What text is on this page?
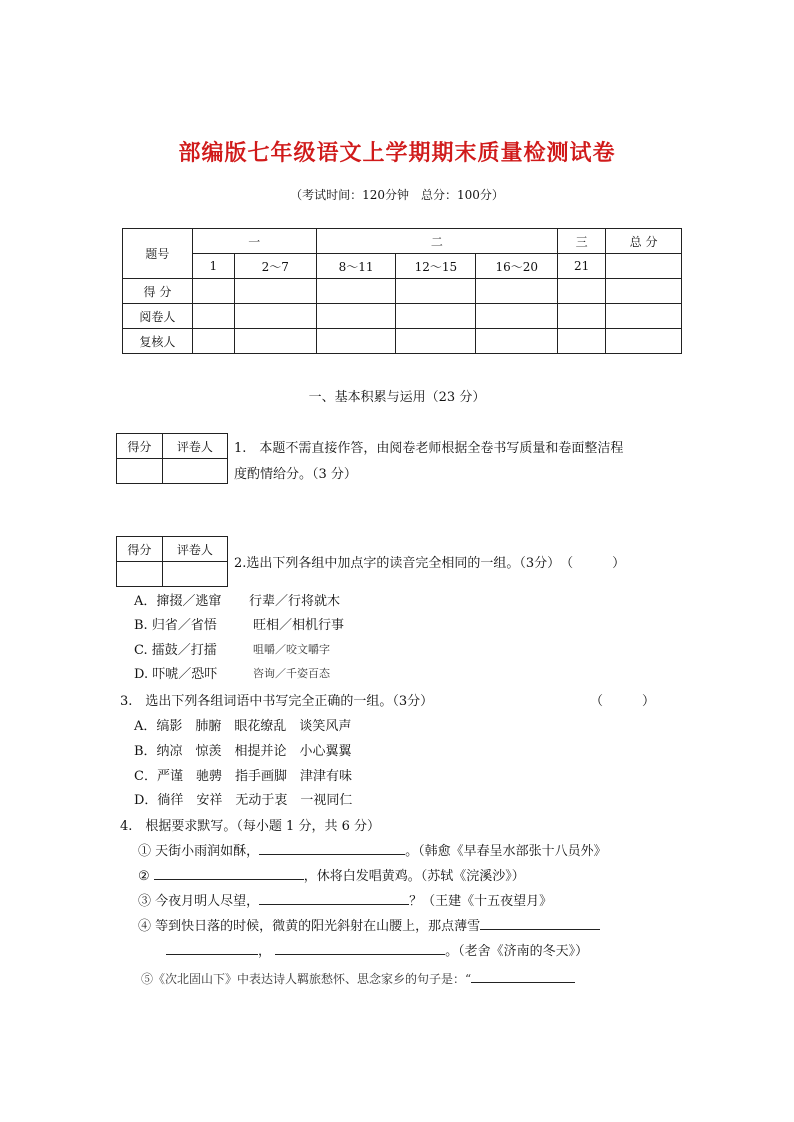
部编版七年级语文上学期期末质量检测试卷
（考试时间：120分钟　总分：100分）
题号	一		二			三	总 分
	1	2～7	8～11	12～15	16～20	21	
得 分							
阅卷人							
复核人							
一、基本积累与运用（23 分）
得分	评卷人
	1.　本题不需直接作答，由阅卷老师根据全卷书写质量和卷面整洁程
度酌情给分。（3 分）
得分	评卷人

2.选出下列各组中加点字的读音完全相同的一组。（3分）　（　　　）
A．撺掇／逃窜 行辈／行将就木
B. 归省／省悟	旺相／相机行事
C. 擂鼓／打擂	咀嚼／咬文嚼字
D. 吓唬／恐吓	咨询／千姿百态
3.　选出下列各组词语中书写完全正确的一组。（3分）	（　　　）
A．缟影　肺腑　眼花缭乱　谈笑风声
B．纳凉　惊羡　相提并论　小心翼翼
C．严谨　驰骋　指手画脚　津津有味
D．徜徉　安祥　无动于衷　一视同仁
4.　根据要求默写。（每小题 1 分，共 6 分）
① 天街小雨润如酥，	。（韩愈《早春呈水部张十八员外》
②	，休将白发唱黄鸡。（苏轼《浣溪沙》）
③ 今夜月明人尽望，	？（王建《十五夜望月》
④ 等到快日落的时候，微黄的阳光斜射在山腰上，那点薄雪
，	。（老舍《济南的冬天》）
⑤《次北固山下》中表达诗人羁旅愁怀、思念家乡的句子是：“
